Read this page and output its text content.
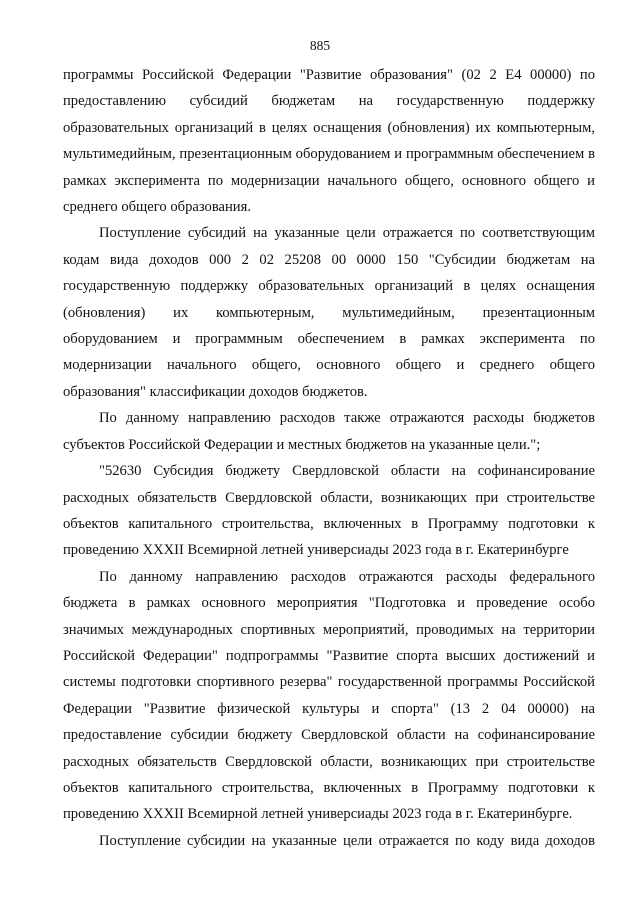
885

программы Российской Федерации "Развитие образования" (02 2 Е4 00000) по предоставлению субсидий бюджетам на государственную поддержку образовательных организаций в целях оснащения (обновления) их компьютерным, мультимедийным, презентационным оборудованием и программным обеспечением в рамках эксперимента по модернизации начального общего, основного общего и среднего общего образования.

Поступление субсидий на указанные цели отражается по соответствующим кодам вида доходов 000 2 02 25208 00 0000 150 "Субсидии бюджетам на государственную поддержку образовательных организаций в целях оснащения (обновления) их компьютерным, мультимедийным, презентационным оборудованием и программным обеспечением в рамках эксперимента по модернизации начального общего, основного общего и среднего общего образования" классификации доходов бюджетов.

По данному направлению расходов также отражаются расходы бюджетов субъектов Российской Федерации и местных бюджетов на указанные цели.";

"52630 Субсидия бюджету Свердловской области на софинансирование расходных обязательств Свердловской области, возникающих при строительстве объектов капитального строительства, включенных в Программу подготовки к проведению XXXII Всемирной летней универсиады 2023 года в г. Екатеринбурге

По данному направлению расходов отражаются расходы федерального бюджета в рамках основного мероприятия "Подготовка и проведение особо значимых международных спортивных мероприятий, проводимых на территории Российской Федерации" подпрограммы "Развитие спорта высших достижений и системы подготовки спортивного резерва" государственной программы Российской Федерации "Развитие физической культуры и спорта" (13 2 04 00000) на предоставление субсидии бюджету Свердловской области на софинансирование расходных обязательств Свердловской области, возникающих при строительстве объектов капитального строительства, включенных в Программу подготовки к проведению XXXII Всемирной летней универсиады 2023 года в г. Екатеринбурге.

Поступление субсидии на указанные цели отражается по коду вида доходов
